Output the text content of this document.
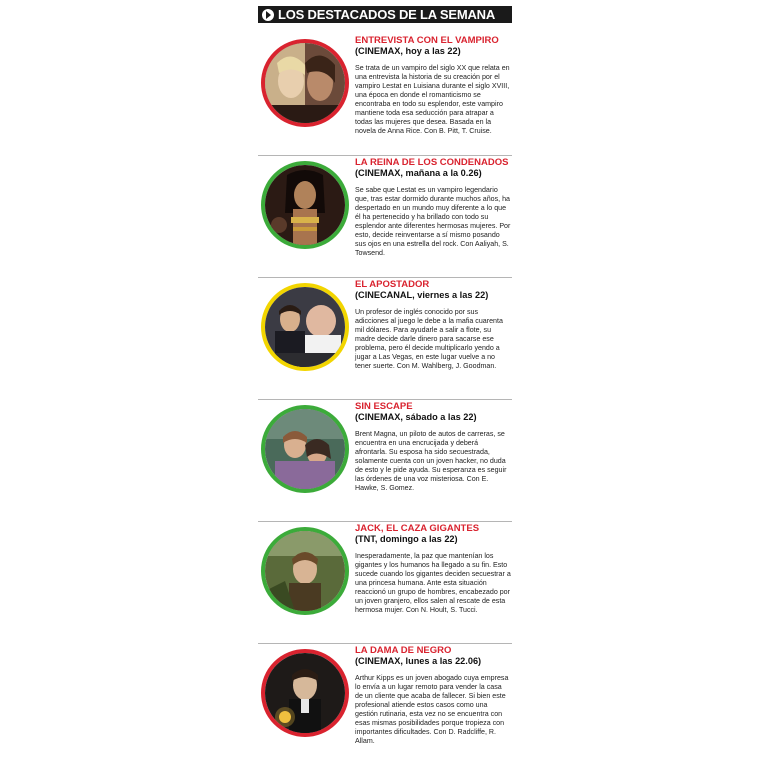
LOS DESTACADOS DE LA SEMANA
ENTREVISTA CON EL VAMPIRO
(CINEMAX, hoy a las 22)
Se trata de un vampiro del siglo XX que relata en una entrevista la historia de su creación por el vampiro Lestat en Luisiana durante el siglo XVIII, una época en donde el romanticismo se encontraba en todo su esplendor, este vampiro mantiene toda esa seducción para atrapar a todas las mujeres que desea. Basada en la novela de Anna Rice. Con B. Pitt, T. Cruise.
LA REINA DE LOS CONDENADOS
(CINEMAX, mañana a la 0.26)
Se sabe que Lestat es un vampiro legendario que, tras estar dormido durante muchos años, ha despertado en un mundo muy diferente a lo que él ha pertenecido y ha brillado con todo su esplendor ante diferentes hermosas mujeres. Por esto, decide reinventarse a sí mismo posando sus ojos en una estrella del rock. Con Aaliyah, S. Towsend.
EL APOSTADOR
(CINECANAL, viernes a las 22)
Un profesor de inglés conocido por sus adicciones al juego le debe a la mafia cuarenta mil dólares. Para ayudarle a salir a flote, su madre decide darle dinero para sacarse ese problema, pero él decide multiplicarlo yendo a jugar a Las Vegas, en este lugar vuelve a no tener suerte. Con M. Wahlberg, J. Goodman.
SIN ESCAPE
(CINEMAX, sábado a las 22)
Brent Magna, un piloto de autos de carreras, se encuentra en una encrucijada y deberá afrontarla. Su esposa ha sido secuestrada, solamente cuenta con un joven hacker, no duda de esto y le pide ayuda. Su esperanza es seguir las órdenes de una voz misteriosa. Con E. Hawke, S. Gomez.
JACK, EL CAZA GIGANTES
(TNT, domingo a las 22)
Inesperadamente, la paz que mantenían los gigantes y los humanos ha llegado a su fin. Esto sucede cuando los gigantes deciden secuestrar a una princesa humana. Ante esta situación reaccionó un grupo de hombres, encabezado por un joven granjero, ellos salen al rescate de esta hermosa mujer. Con N. Hoult, S. Tucci.
LA DAMA DE NEGRO
(CINEMAX, lunes a las 22.06)
Arthur Kipps es un joven abogado cuya empresa lo envía a un lugar remoto para vender la casa de un cliente que acaba de fallecer. Si bien este profesional atiende estos casos como una gestión rutinaria, esta vez no se encuentra con esas mismas posibilidades porque tropieza con importantes dificultades. Con D. Radcliffe, R. Allam.
